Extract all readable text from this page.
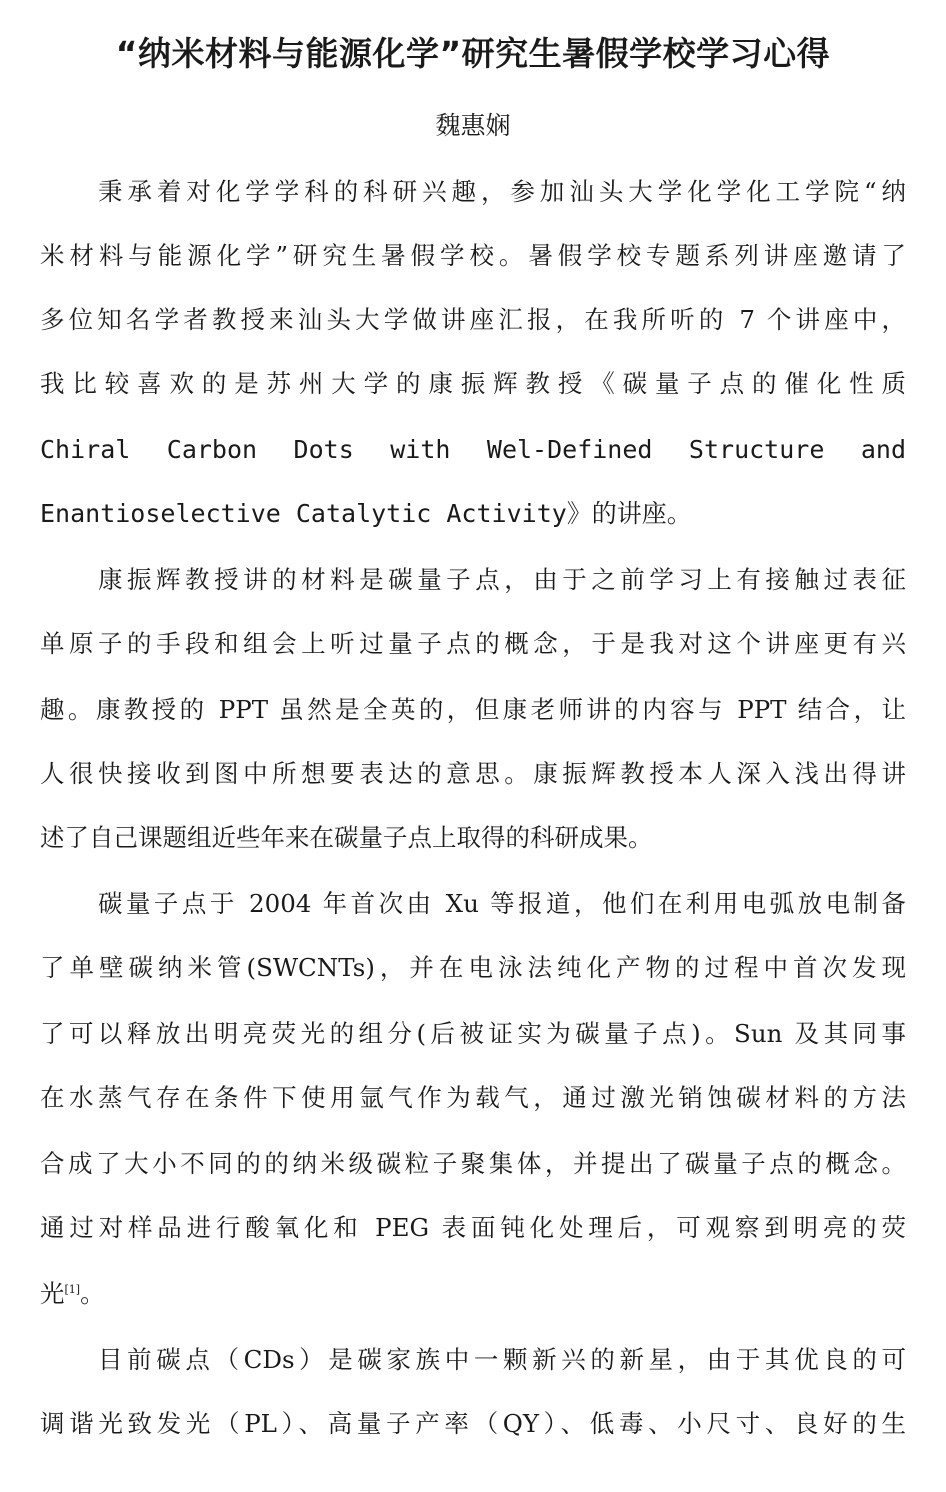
“纳米材料与能源化学”研究生暑假学校学习心得
魏惠娴
秉承着对化学学科的科研兴趣，参加汕头大学化学化工学院“纳
米材料与能源化学”研究生暑假学校。暑假学校专题系列讲座邀请了
多位知名学者教授来汕头大学做讲座汇报，在我所听的 7 个讲座中，
我比较喜欢的是苏州大学的康振辉教授《碳量子点的催化性质
Chiral Carbon Dots with Wel-Defined Structure and
Enantioselective Catalytic Activity》的讲座。
康振辉教授讲的材料是碳量子点，由于之前学习上有接触过表征
单原子的手段和组会上听过量子点的概念，于是我对这个讲座更有兴
趣。康教授的 PPT 虽然是全英的，但康老师讲的内容与 PPT 结合，让
人很快接收到图中所想要表达的意思。康振辉教授本人深入浅出得讲
述了自己课题组近些年来在碳量子点上取得的科研成果。
碳量子点于 2004 年首次由 Xu 等报道，他们在利用电弧放电制备
了单壁碳纳米管(SWCNTs)，并在电泳法纯化产物的过程中首次发现
了可以释放出明亮荧光的组分(后被证实为碳量子点)。Sun 及其同事
在水蒸气存在条件下使用氩气作为载气，通过激光销蚀碳材料的方法
合成了大小不同的的纳米级碳粒子聚集体，并提出了碳量子点的概念。
通过对样品进行酸氧化和 PEG 表面钝化处理后，可观察到明亮的荧
光[1]。
目前碳点（CDs）是碳家族中一颗新兴的新星，由于其优良的可
调谐光致发光（PL）、高量子产率（QY）、低毒、小尺寸、良好的生
